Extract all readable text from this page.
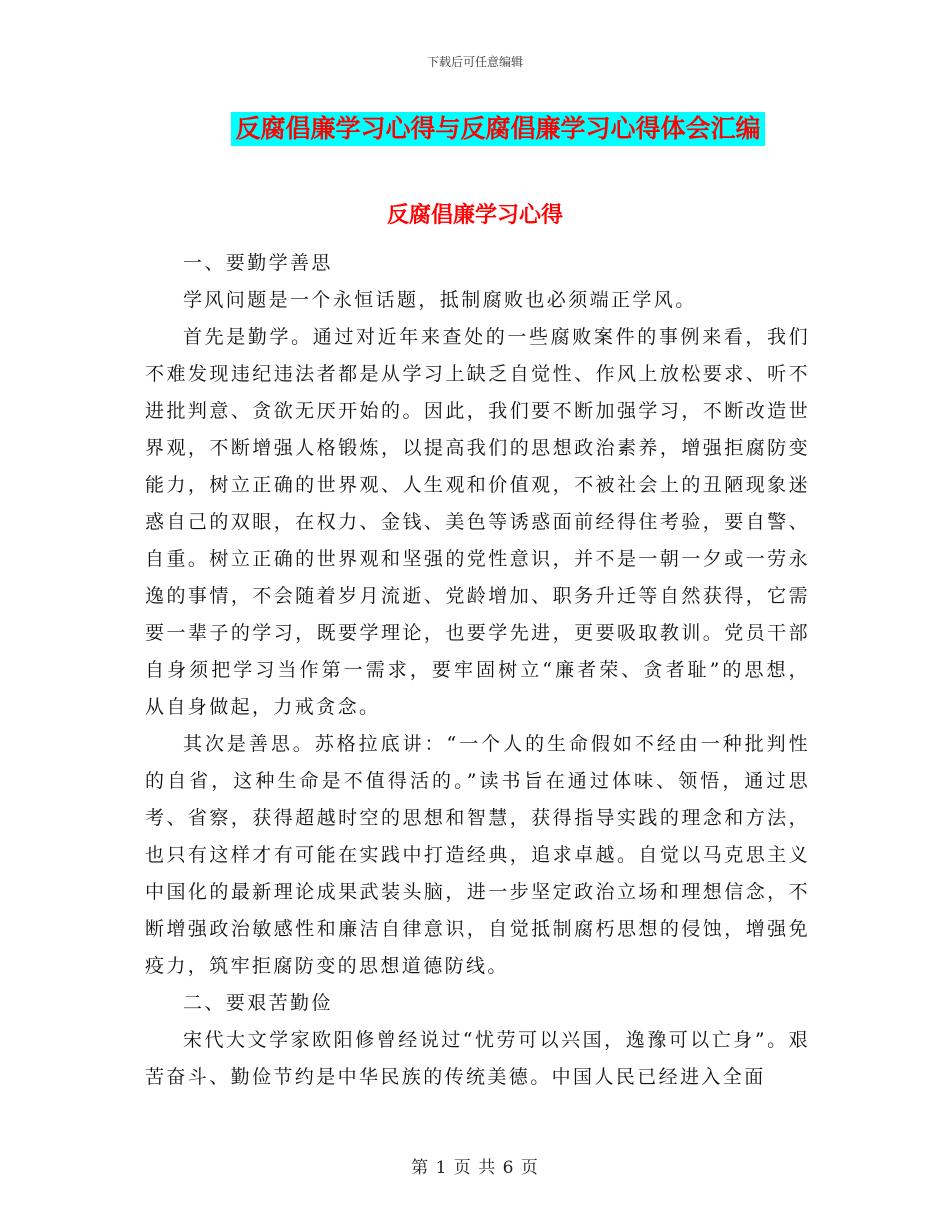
下载后可任意编辑
反腐倡廉学习心得与反腐倡廉学习心得体会汇编
反腐倡廉学习心得

一、要勤学善思

学风问题是一个永恒话题，抵制腐败也必须端正学风。

首先是勤学。通过对近年来查处的一些腐败案件的事例来看，我们不难发现违纪违法者都是从学习上缺乏自觉性、作风上放松要求、听不进批判意、贪欲无厌开始的。因此，我们要不断加强学习，不断改造世界观，不断增强人格锻炼，以提高我们的思想政治素养，增强拒腐防变能力，树立正确的世界观、人生观和价值观，不被社会上的丑陋现象迷惑自己的双眼，在权力、金钱、美色等诱惑面前经得住考验，要自警、自重。树立正确的世界观和坚强的党性意识，并不是一朝一夕或一劳永逸的事情，不会随着岁月流逝、党龄增加、职务升迁等自然获得，它需要一辈子的学习，既要学理论，也要学先进，更要吸取教训。党员干部自身须把学习当作第一需求，要牢固树立“廉者荣、贪者耻”的思想，从自身做起，力戒贪念。

其次是善思。苏格拉底讲：“一个人的生命假如不经由一种批判性的自省，这种生命是不值得活的。”读书旨在通过体味、领悟，通过思考、省察，获得超越时空的思想和智慧，获得指导实践的理念和方法，也只有这样才有可能在实践中打造经典，追求卓越。自觉以马克思主义中国化的最新理论成果武装头脑，进一步坚定政治立场和理想信念，不断增强政治敏感性和廉洁自律意识，自觉抵制腐朽思想的侵蚀，增强免疫力，筑牢拒腐防变的思想道德防线。

二、要艰苦勤俭

宋代大文学家欧阳修曾经说过“忧劳可以兴国，逸豫可以亡身”。艰苦奋斗、勤俭节约是中华民族的传统美德。中国人民已经进入全面

第 1 页 共 6 页
